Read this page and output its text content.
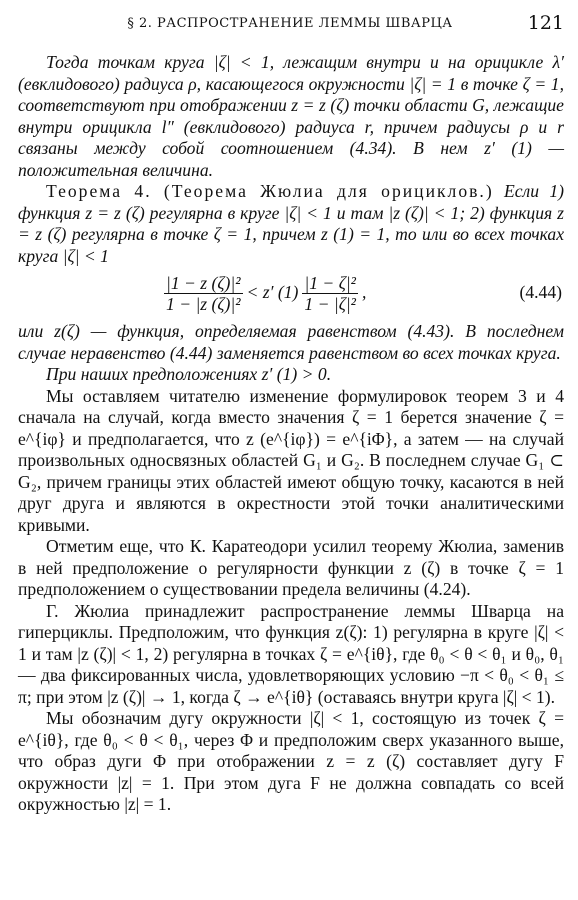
§ 2. РАСПРОСТРАНЕНИЕ ЛЕММЫ ШВАРЦА	121

Тогда точкам круга |ζ| < 1, лежащим внутри и на орицикле λ′ (евклидового) радиуса ρ, касающегося окружности |ζ| = 1 в точке ζ = 1, соответствуют при отображении z = z (ζ) точки области G, лежащие внутри орицикла l″ (евклидового) радиуса r, причем радиусы ρ и r связаны между собой соотношением (4.34). В нем z′ (1) — положительная величина.

Теорема 4. (Теорема Жюлиа для орициклов.) Если 1) функция z = z (ζ) регулярна в круге |ζ| < 1 и там |z (ζ)| < 1; 2) функция z = z (ζ) регулярна в точке ζ = 1, причем z (1) = 1, то или во всех точках круга |ζ| < 1

$\frac{\text{|1 − z (ζ)|²}}{\text{1 − |z (ζ)|²}} < z'$ $(1) \frac{\text{|1 − ζ|²}}{\text{1 − |ζ|²}}$ ,	(4.44)

или z(ζ) — функция, определяемая равенством (4.43). В последнем случае неравенство (4.44) заменяется равенством во всех точках круга.

При наших предположениях z′ (1) > 0.

Мы оставляем читателю изменение формулировок теорем 3 и 4 сначала на случай, когда вместо значения ζ = 1 берется значение ζ = e^{iφ} и предполагается, что z (e^{iφ}) = e^{iΦ}, а затем — на случай произвольных односвязных областей G₁ и G₂. В последнем случае G₁ ⊂ G₂, причем границы этих областей имеют общую точку, касаются в ней друг друга и являются в окрестности этой точки аналитическими кривыми.

Отметим еще, что К. Каратеодори усилил теорему Жюлиа, заменив в ней предположение о регулярности функции z (ζ) в точке ζ = 1 предположением о существовании предела величины (4.24).

Г. Жюлиа принадлежит распространение леммы Шварца на гиперциклы. Предположим, что функция z(ζ): 1) регулярна в круге |ζ| < 1 и там |z (ζ)| < 1, 2) регулярна в точках ζ = e^{iθ}, где θ₀ < θ < θ₁ и θ₀, θ₁ — два фиксированных числа, удовлетворяющих условию −π < θ₀ < θ₁ ≤ π; при этом |z (ζ)| → 1, когда ζ → e^{iθ} (оставаясь внутри круга |ζ| < 1).

Мы обозначим дугу окружности |ζ| < 1, состоящую из точек ζ = e^{iθ}, где θ₀ < θ < θ₁, через Φ и предположим сверх указанного выше, что образ дуги Φ при отображении z = z (ζ) составляет дугу F окружности |z| = 1. При этом дуга F не должна совпадать со всей окружностью |z| = 1.
